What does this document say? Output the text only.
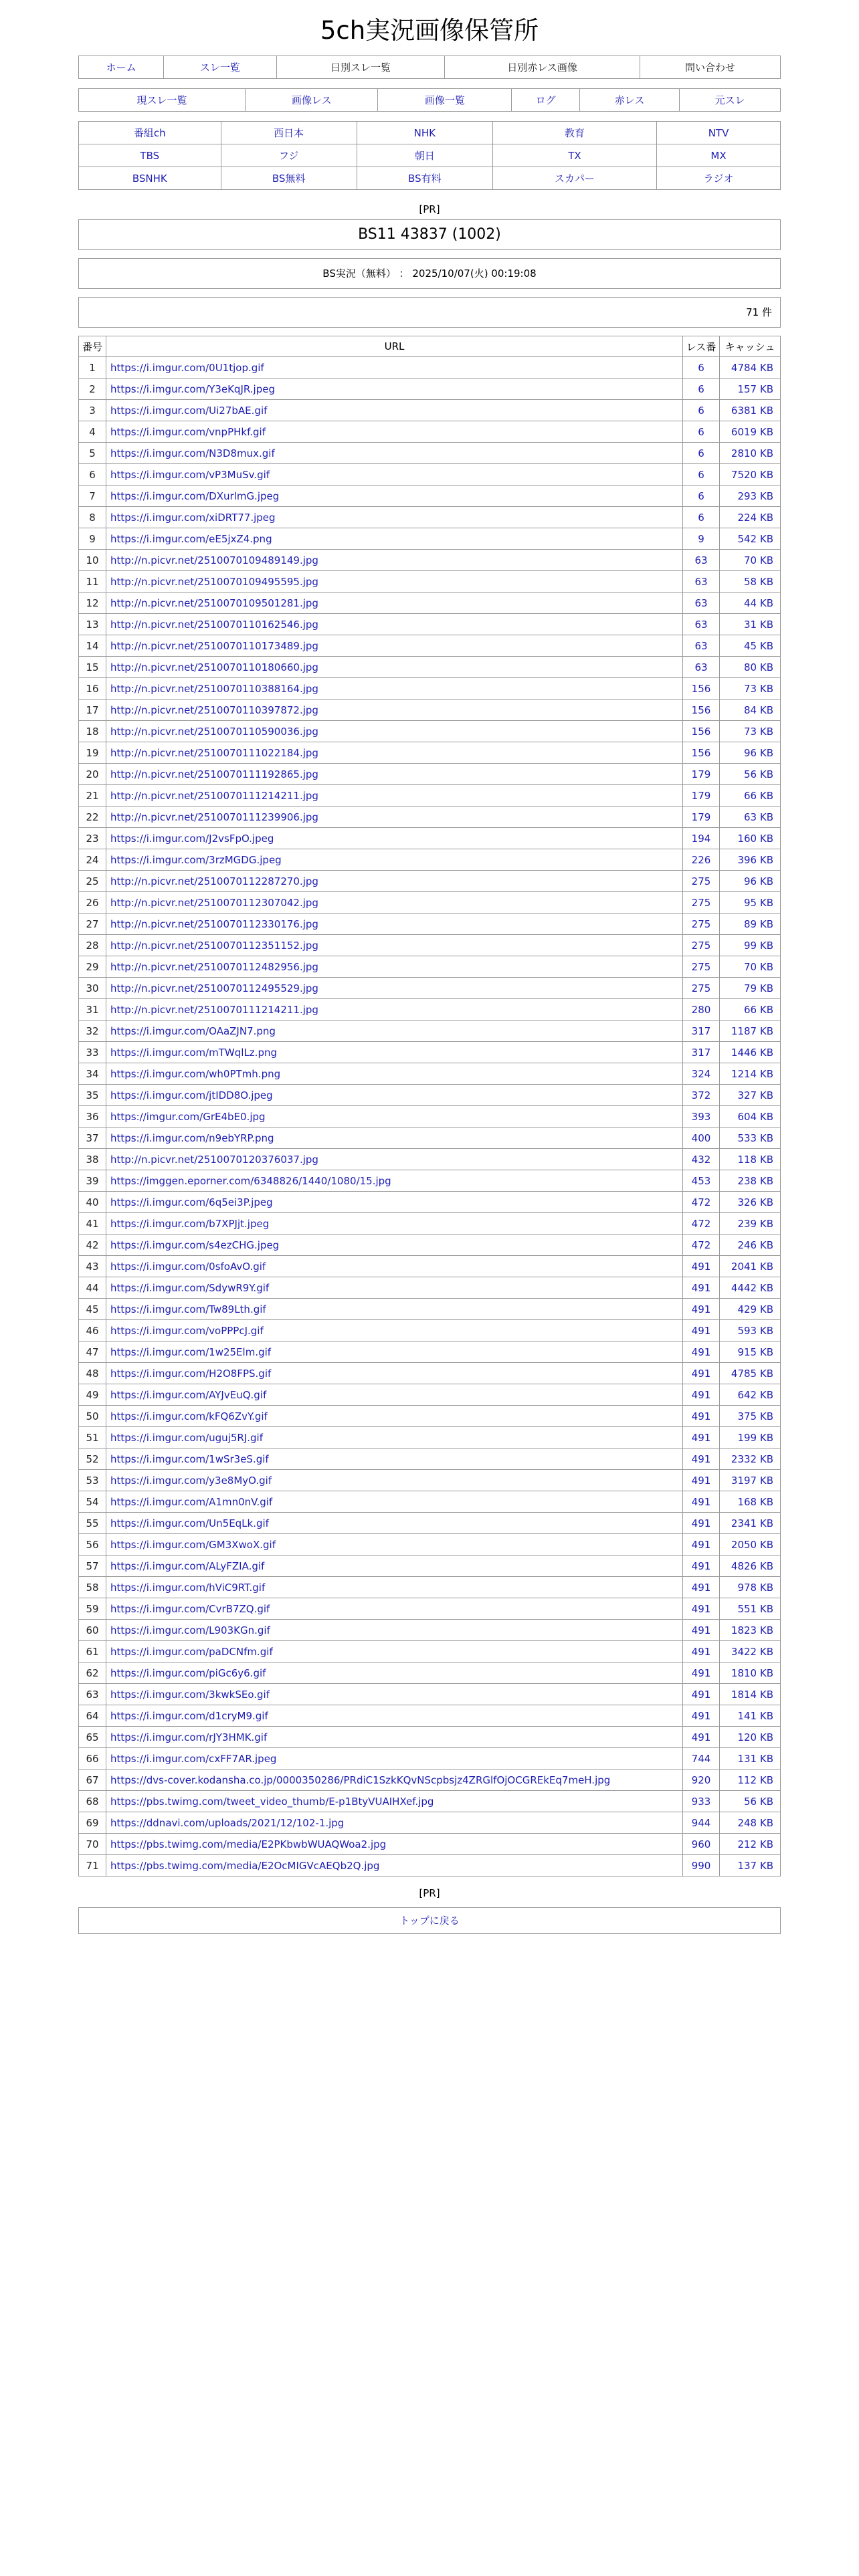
5ch実況画像保管所
ホーム	スレ一覧	日別スレ一覧	日別赤レス画像	問い合わせ
現スレ一覧	画像レス	画像一覧	ログ	赤レス	元スレ
番組ch	西日本	NHK	教育	NTV
TBS	フジ	朝日	TX	MX
BSNHK	BS無料	BS有料	スカパー	ラジオ
[PR]
BS11 43837 (1002)
BS実況（無料） ： 2025/10/07(火) 00:19:08
71 件
番号	URL	レス番	キャッシュ
1	https://i.imgur.com/0U1tjop.gif	6	4784 KB
2	https://i.imgur.com/Y3eKqJR.jpeg	6	157 KB
3	https://i.imgur.com/Ui27bAE.gif	6	6381 KB
4	https://i.imgur.com/vnpPHkf.gif	6	6019 KB
5	https://i.imgur.com/N3D8mux.gif	6	2810 KB
6	https://i.imgur.com/vP3MuSv.gif	6	7520 KB
7	https://i.imgur.com/DXurlmG.jpeg	6	293 KB
8	https://i.imgur.com/xiDRT77.jpeg	6	224 KB
9	https://i.imgur.com/eE5jxZ4.png	9	542 KB
10	http://n.picvr.net/2510070109489149.jpg	63	70 KB
11	http://n.picvr.net/2510070109495595.jpg	63	58 KB
12	http://n.picvr.net/2510070109501281.jpg	63	44 KB
13	http://n.picvr.net/2510070110162546.jpg	63	31 KB
14	http://n.picvr.net/2510070110173489.jpg	63	45 KB
15	http://n.picvr.net/2510070110180660.jpg	63	80 KB
16	http://n.picvr.net/2510070110388164.jpg	156	73 KB
17	http://n.picvr.net/2510070110397872.jpg	156	84 KB
18	http://n.picvr.net/2510070110590036.jpg	156	73 KB
19	http://n.picvr.net/2510070111022184.jpg	156	96 KB
20	http://n.picvr.net/2510070111192865.jpg	179	56 KB
21	http://n.picvr.net/2510070111214211.jpg	179	66 KB
22	http://n.picvr.net/2510070111239906.jpg	179	63 KB
23	https://i.imgur.com/J2vsFpO.jpeg	194	160 KB
24	https://i.imgur.com/3rzMGDG.jpeg	226	396 KB
25	http://n.picvr.net/2510070112287270.jpg	275	96 KB
26	http://n.picvr.net/2510070112307042.jpg	275	95 KB
27	http://n.picvr.net/2510070112330176.jpg	275	89 KB
28	http://n.picvr.net/2510070112351152.jpg	275	99 KB
29	http://n.picvr.net/2510070112482956.jpg	275	70 KB
30	http://n.picvr.net/2510070112495529.jpg	275	79 KB
31	http://n.picvr.net/2510070111214211.jpg	280	66 KB
32	https://i.imgur.com/OAaZJN7.png	317	1187 KB
33	https://i.imgur.com/mTWqlLz.png	317	1446 KB
34	https://i.imgur.com/wh0PTmh.png	324	1214 KB
35	https://i.imgur.com/jtIDD8O.jpeg	372	327 KB
36	https://imgur.com/GrE4bE0.jpg	393	604 KB
37	https://i.imgur.com/n9ebYRP.png	400	533 KB
38	http://n.picvr.net/2510070120376037.jpg	432	118 KB
39	https://imggen.eporner.com/6348826/1440/1080/15.jpg	453	238 KB
40	https://i.imgur.com/6q5ei3P.jpeg	472	326 KB
41	https://i.imgur.com/b7XPJjt.jpeg	472	239 KB
42	https://i.imgur.com/s4ezCHG.jpeg	472	246 KB
43	https://i.imgur.com/0sfoAvO.gif	491	2041 KB
44	https://i.imgur.com/SdywR9Y.gif	491	4442 KB
45	https://i.imgur.com/Tw89Lth.gif	491	429 KB
46	https://i.imgur.com/voPPPcJ.gif	491	593 KB
47	https://i.imgur.com/1w25Elm.gif	491	915 KB
48	https://i.imgur.com/H2O8FPS.gif	491	4785 KB
49	https://i.imgur.com/AYJvEuQ.gif	491	642 KB
50	https://i.imgur.com/kFQ6ZvY.gif	491	375 KB
51	https://i.imgur.com/uguj5RJ.gif	491	199 KB
52	https://i.imgur.com/1wSr3eS.gif	491	2332 KB
53	https://i.imgur.com/y3e8MyO.gif	491	3197 KB
54	https://i.imgur.com/A1mn0nV.gif	491	168 KB
55	https://i.imgur.com/Un5EqLk.gif	491	2341 KB
56	https://i.imgur.com/GM3XwoX.gif	491	2050 KB
57	https://i.imgur.com/ALyFZIA.gif	491	4826 KB
58	https://i.imgur.com/hViC9RT.gif	491	978 KB
59	https://i.imgur.com/CvrB7ZQ.gif	491	551 KB
60	https://i.imgur.com/L903KGn.gif	491	1823 KB
61	https://i.imgur.com/paDCNfm.gif	491	3422 KB
62	https://i.imgur.com/piGc6y6.gif	491	1810 KB
63	https://i.imgur.com/3kwkSEo.gif	491	1814 KB
64	https://i.imgur.com/d1cryM9.gif	491	141 KB
65	https://i.imgur.com/rJY3HMK.gif	491	120 KB
66	https://i.imgur.com/cxFF7AR.jpeg	744	131 KB
67	https://dvs-cover.kodansha.co.jp/0000350286/PRdiC1SzkKQvNScpbsjz4ZRGlfOjOCGREkEq7meH.jpg	920	112 KB
68	https://pbs.twimg.com/tweet_video_thumb/E-p1BtyVUAIHXef.jpg	933	56 KB
69	https://ddnavi.com/uploads/2021/12/102-1.jpg	944	248 KB
70	https://pbs.twimg.com/media/E2PKbwbWUAQWoa2.jpg	960	212 KB
71	https://pbs.twimg.com/media/E2OcMIGVcAEQb2Q.jpg	990	137 KB
[PR]
トップに戻る
